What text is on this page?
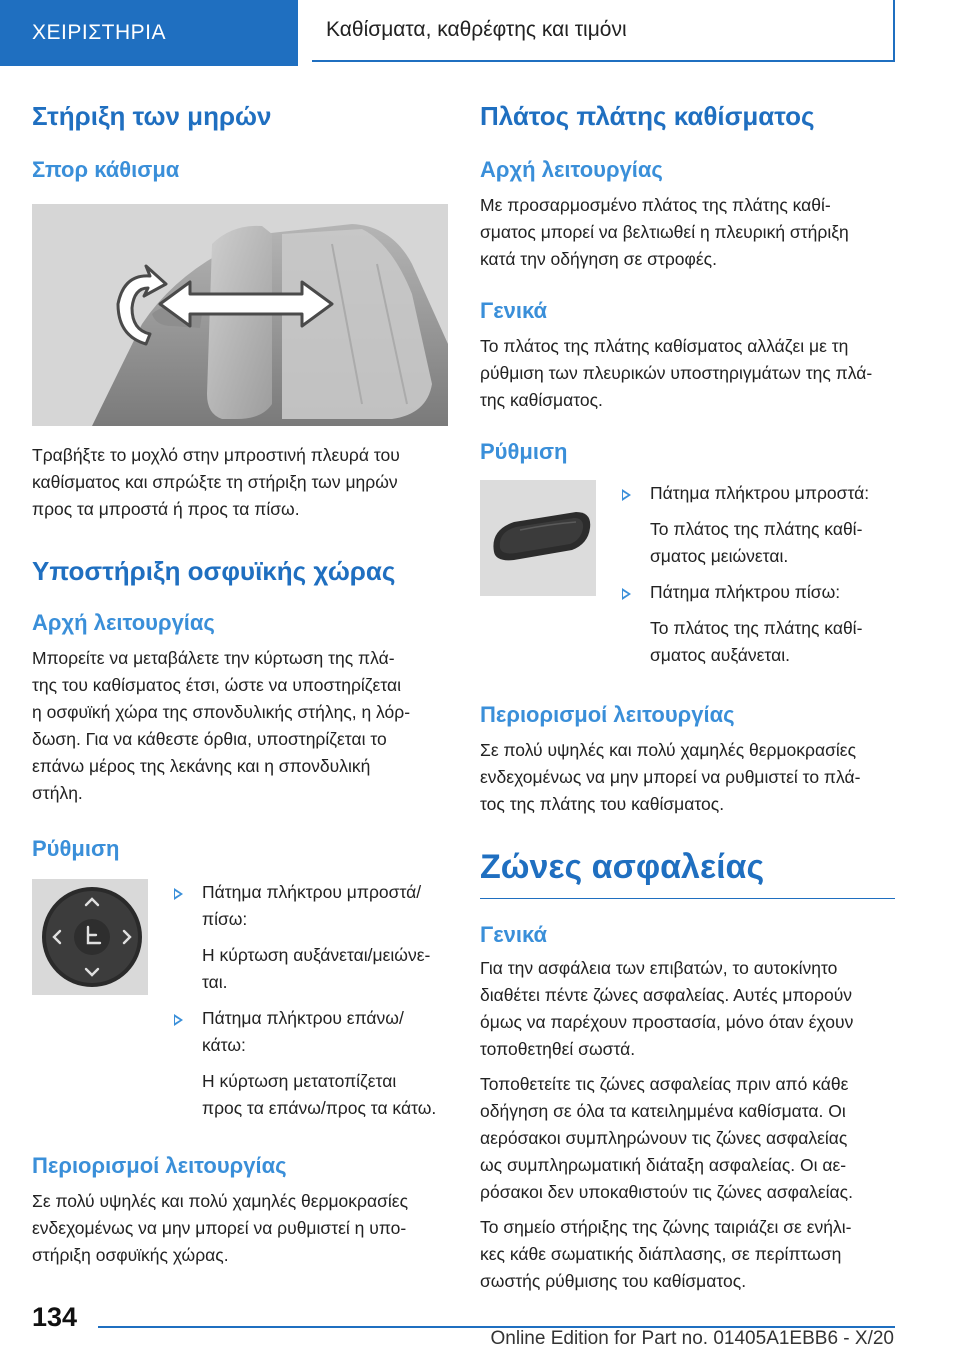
ΧΕΙΡΙΣΤΗΡΙΑ	Καθίσματα, καθρέφτης και τιμόνι
Στήριξη των μηρών
Σπορ κάθισμα

Τραβήξτε το μοχλό στην μπροστινή πλευρά του
καθίσματος και σπρώξτε τη στήριξη των μηρών
προς τα μπροστά ή προς τα πίσω.

Υποστήριξη οσφυϊκής χώρας
Αρχή λειτουργίας

Μπορείτε να μεταβάλετε την κύρτωση της πλά-
της του καθίσματος έτσι, ώστε να υποστηρίζεται
η οσφυϊκή χώρα της σπονδυλικής στήλης, η λόρ-
δωση. Για να κάθεστε όρθια, υποστηρίζεται το
επάνω μέρος της λεκάνης και η σπονδυλική
στήλη.

Ρύθμιση

Πάτημα πλήκτρου μπροστά/
πίσω:

Η κύρτωση αυξάνεται/μειώνε-
ται.

Πάτημα πλήκτρου επάνω/
κάτω:

Η κύρτωση μετατοπίζεται
προς τα επάνω/προς τα κάτω.

Περιορισμοί λειτουργίας

Σε πολύ υψηλές και πολύ χαμηλές θερμοκρασίες
ενδεχομένως να μην μπορεί να ρυθμιστεί η υπο-
στήριξη οσφυϊκής χώρας.

Πλάτος πλάτης καθίσματος
Αρχή λειτουργίας

Με προσαρμοσμένο πλάτος της πλάτης καθί-
σματος μπορεί να βελτιωθεί η πλευρική στήριξη
κατά την οδήγηση σε στροφές.

Γενικά

Το πλάτος της πλάτης καθίσματος αλλάζει με τη
ρύθμιση των πλευρικών υποστηριγμάτων της πλά-
της καθίσματος.

Ρύθμιση

Πάτημα πλήκτρου μπροστά:

Το πλάτος της πλάτης καθί-
σματος μειώνεται.

Πάτημα πλήκτρου πίσω:

Το πλάτος της πλάτης καθί-
σματος αυξάνεται.

Περιορισμοί λειτουργίας

Σε πολύ υψηλές και πολύ χαμηλές θερμοκρασίες
ενδεχομένως να μην μπορεί να ρυθμιστεί το πλά-
τος της πλάτης του καθίσματος.

Ζώνες ασφαλείας
Γενικά

Για την ασφάλεια των επιβατών, το αυτοκίνητο
διαθέτει πέντε ζώνες ασφαλείας. Αυτές μπορούν
όμως να παρέχουν προστασία, μόνο όταν έχουν
τοποθετηθεί σωστά.

Τοποθετείτε τις ζώνες ασφαλείας πριν από κάθε
οδήγηση σε όλα τα κατειλημμένα καθίσματα. Οι
αερόσακοι συμπληρώνουν τις ζώνες ασφαλείας
ως συμπληρωματική διάταξη ασφαλείας. Οι αε-
ρόσακοι δεν υποκαθιστούν τις ζώνες ασφαλείας.

Το σημείο στήριξης της ζώνης ταιριάζει σε ενήλι-
κες κάθε σωματικής διάπλασης, σε περίπτωση
σωστής ρύθμισης του καθίσματος.

134
Online Edition for Part no. 01405A1EBB6 - X/20
